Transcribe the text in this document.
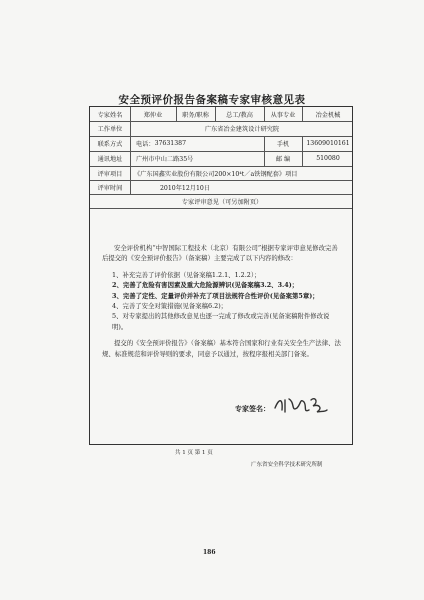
安全预评价报告备案稿专家审核意见表
专家姓名	郑仲业	职务/职称	总工/教高	从事专业	冶金机械
工作单位	广东省冶金建筑设计研究院
联系方式	电话： 37631387	手机	13609010161
通讯地址	广州市中山二路35号	邮 编	510080
评审项目	《广东国鑫实业股份有限公司200×10⁴t／a铁钢配套》项目
评审时间	2010年12月10日
专家评审意见（可另加附页）

安全评价机构“中智国际工程技术（北京）有限公司”根据专家评审意见修改完善后提交的《安全预评价报告》（备案稿）主要完成了以下内容的修改：

1、补充完善了评价依据（见备案稿1.2.1、1.2.2）；

2、完善了危险有害因素及重大危险源辨识(见备案稿3.2、3.4)；

3、完善了定性、定量评价并补充了项目法规符合性评价(见备案第5章)；

4、完善了安全对策措施(见备案稿6.2)；

5、对专家提出的其他修改意见也逐一完成了修改或完善(见备案稿附件修改说明)。

提交的《安全预评价报告》（备案稿）基本符合国家和行业有关安全生产法律、法规、标准规范和评价导则的要求，同意予以通过，按程序报相关部门备案。

专家签名：
共 1 页 第 1 页
广东省安全科学技术研究所制
186
